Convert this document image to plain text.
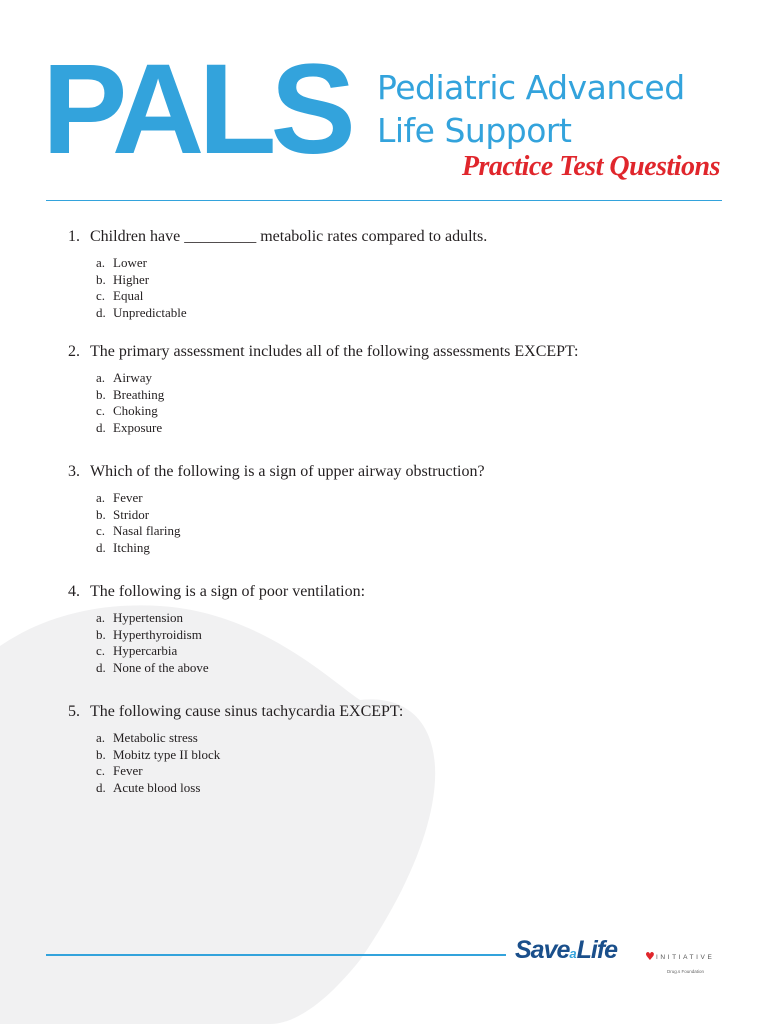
PALS Pediatric Advanced
Life Support
Practice Test Questions
1. Children have _________ metabolic rates compared to adults.
a. Lower
b. Higher
c. Equal
d. Unpredictable
2. The primary assessment includes all of the following assessments EXCEPT:
a. Airway
b. Breathing
c. Choking
d. Exposure
3. Which of the following is a sign of upper airway obstruction?
a. Fever
b. Stridor
c. Nasal flaring
d. Itching
4. The following is a sign of poor ventilation:
a. Hypertension
b. Hyperthyroidism
c. Hypercarbia
d. None of the above
5. The following cause sinus tachycardia EXCEPT:
a. Metabolic stress
b. Mobitz type II block
c. Fever
d. Acute blood loss
SaveaLife	♥ INITIATIVE
Drug.s Foundation
